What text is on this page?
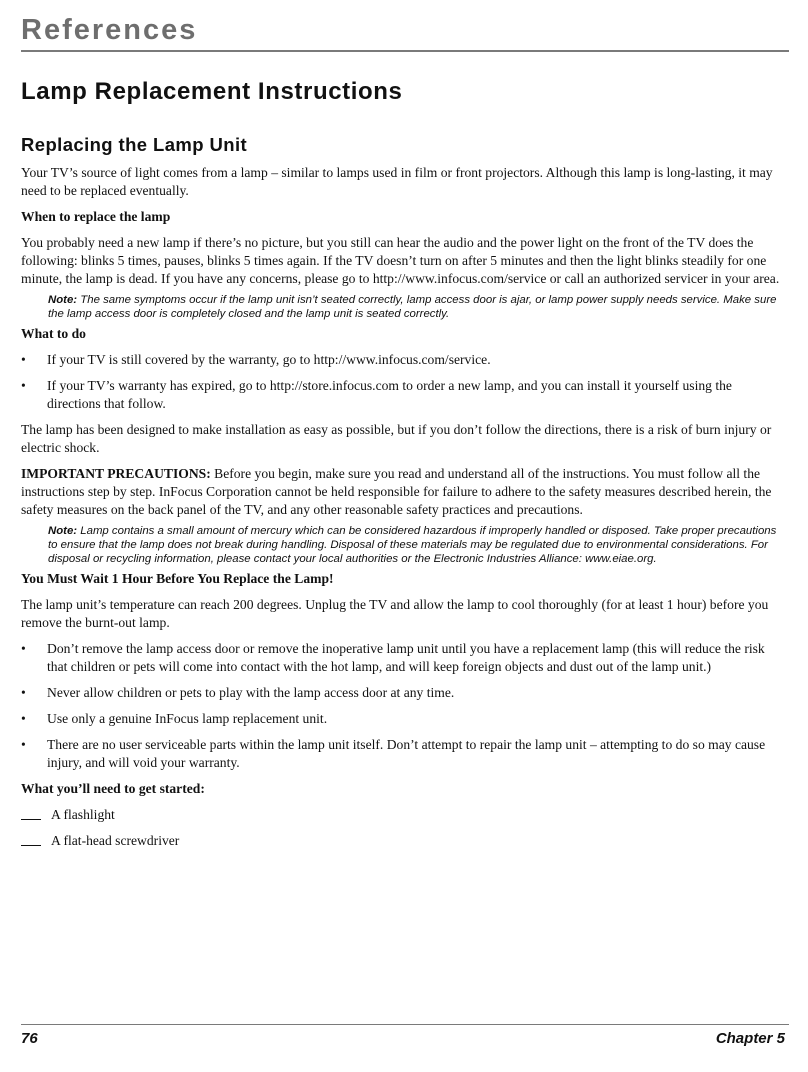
References
Lamp Replacement Instructions
Replacing the Lamp Unit

Your TV’s source of light comes from a lamp – similar to lamps used in film or front projectors. Although this lamp is long-lasting, it may need to be replaced eventually.

When to replace the lamp

You probably need a new lamp if there’s no picture, but you still can hear the audio and the power light on the front of the TV does the following: blinks 5 times, pauses, blinks 5 times again. If the TV doesn’t turn on after 5 minutes and then the light blinks steadily for one minute, the lamp is dead. If you have any concerns, please go to http://www.infocus.com/service or call an authorized servicer in your area.

Note: The same symptoms occur if the lamp unit isn’t seated correctly, lamp access door is ajar, or lamp power supply needs service. Make sure the lamp access door is completely closed and the lamp unit is seated correctly.
What to do
• If your TV is still covered by the warranty, go to http://www.infocus.com/service.
• If your TV’s warranty has expired, go to http://store.infocus.com to order a new lamp, and you can install it yourself using the directions that follow.

The lamp has been designed to make installation as easy as possible, but if you don’t follow the directions, there is a risk of burn injury or electric shock.

IMPORTANT PRECAUTIONS: Before you begin, make sure you read and understand all of the instructions. You must follow all the instructions step by step. InFocus Corporation cannot be held responsible for failure to adhere to the safety measures described herein, the safety measures on the back panel of the TV, and any other reasonable safety practices and precautions.

Note: Lamp contains a small amount of mercury which can be considered hazardous if improperly handled or disposed. Take proper precautions to ensure that the lamp does not break during handling. Disposal of these materials may be regulated due to environmental considerations. For disposal or recycling information, please contact your local authorities or the Electronic Industries Alliance: www.eiae.org.
You Must Wait 1 Hour Before You Replace the Lamp!

The lamp unit’s temperature can reach 200 degrees. Unplug the TV and allow the lamp to cool thoroughly (for at least 1 hour) before you remove the burnt-out lamp.

• Don’t remove the lamp access door or remove the inoperative lamp unit until you have a replacement lamp (this will reduce the risk that children or pets will come into contact with the hot lamp, and will keep foreign objects and dust out of the lamp unit.)
• Never allow children or pets to play with the lamp access door at any time.
• Use only a genuine InFocus lamp replacement unit.
• There are no user serviceable parts within the lamp unit itself. Don’t attempt to repair the lamp unit – attempting to do so may cause injury, and will void your warranty.
What you’ll need to get started:
A flashlight
A flat-head screwdriver
76	Chapter 5
